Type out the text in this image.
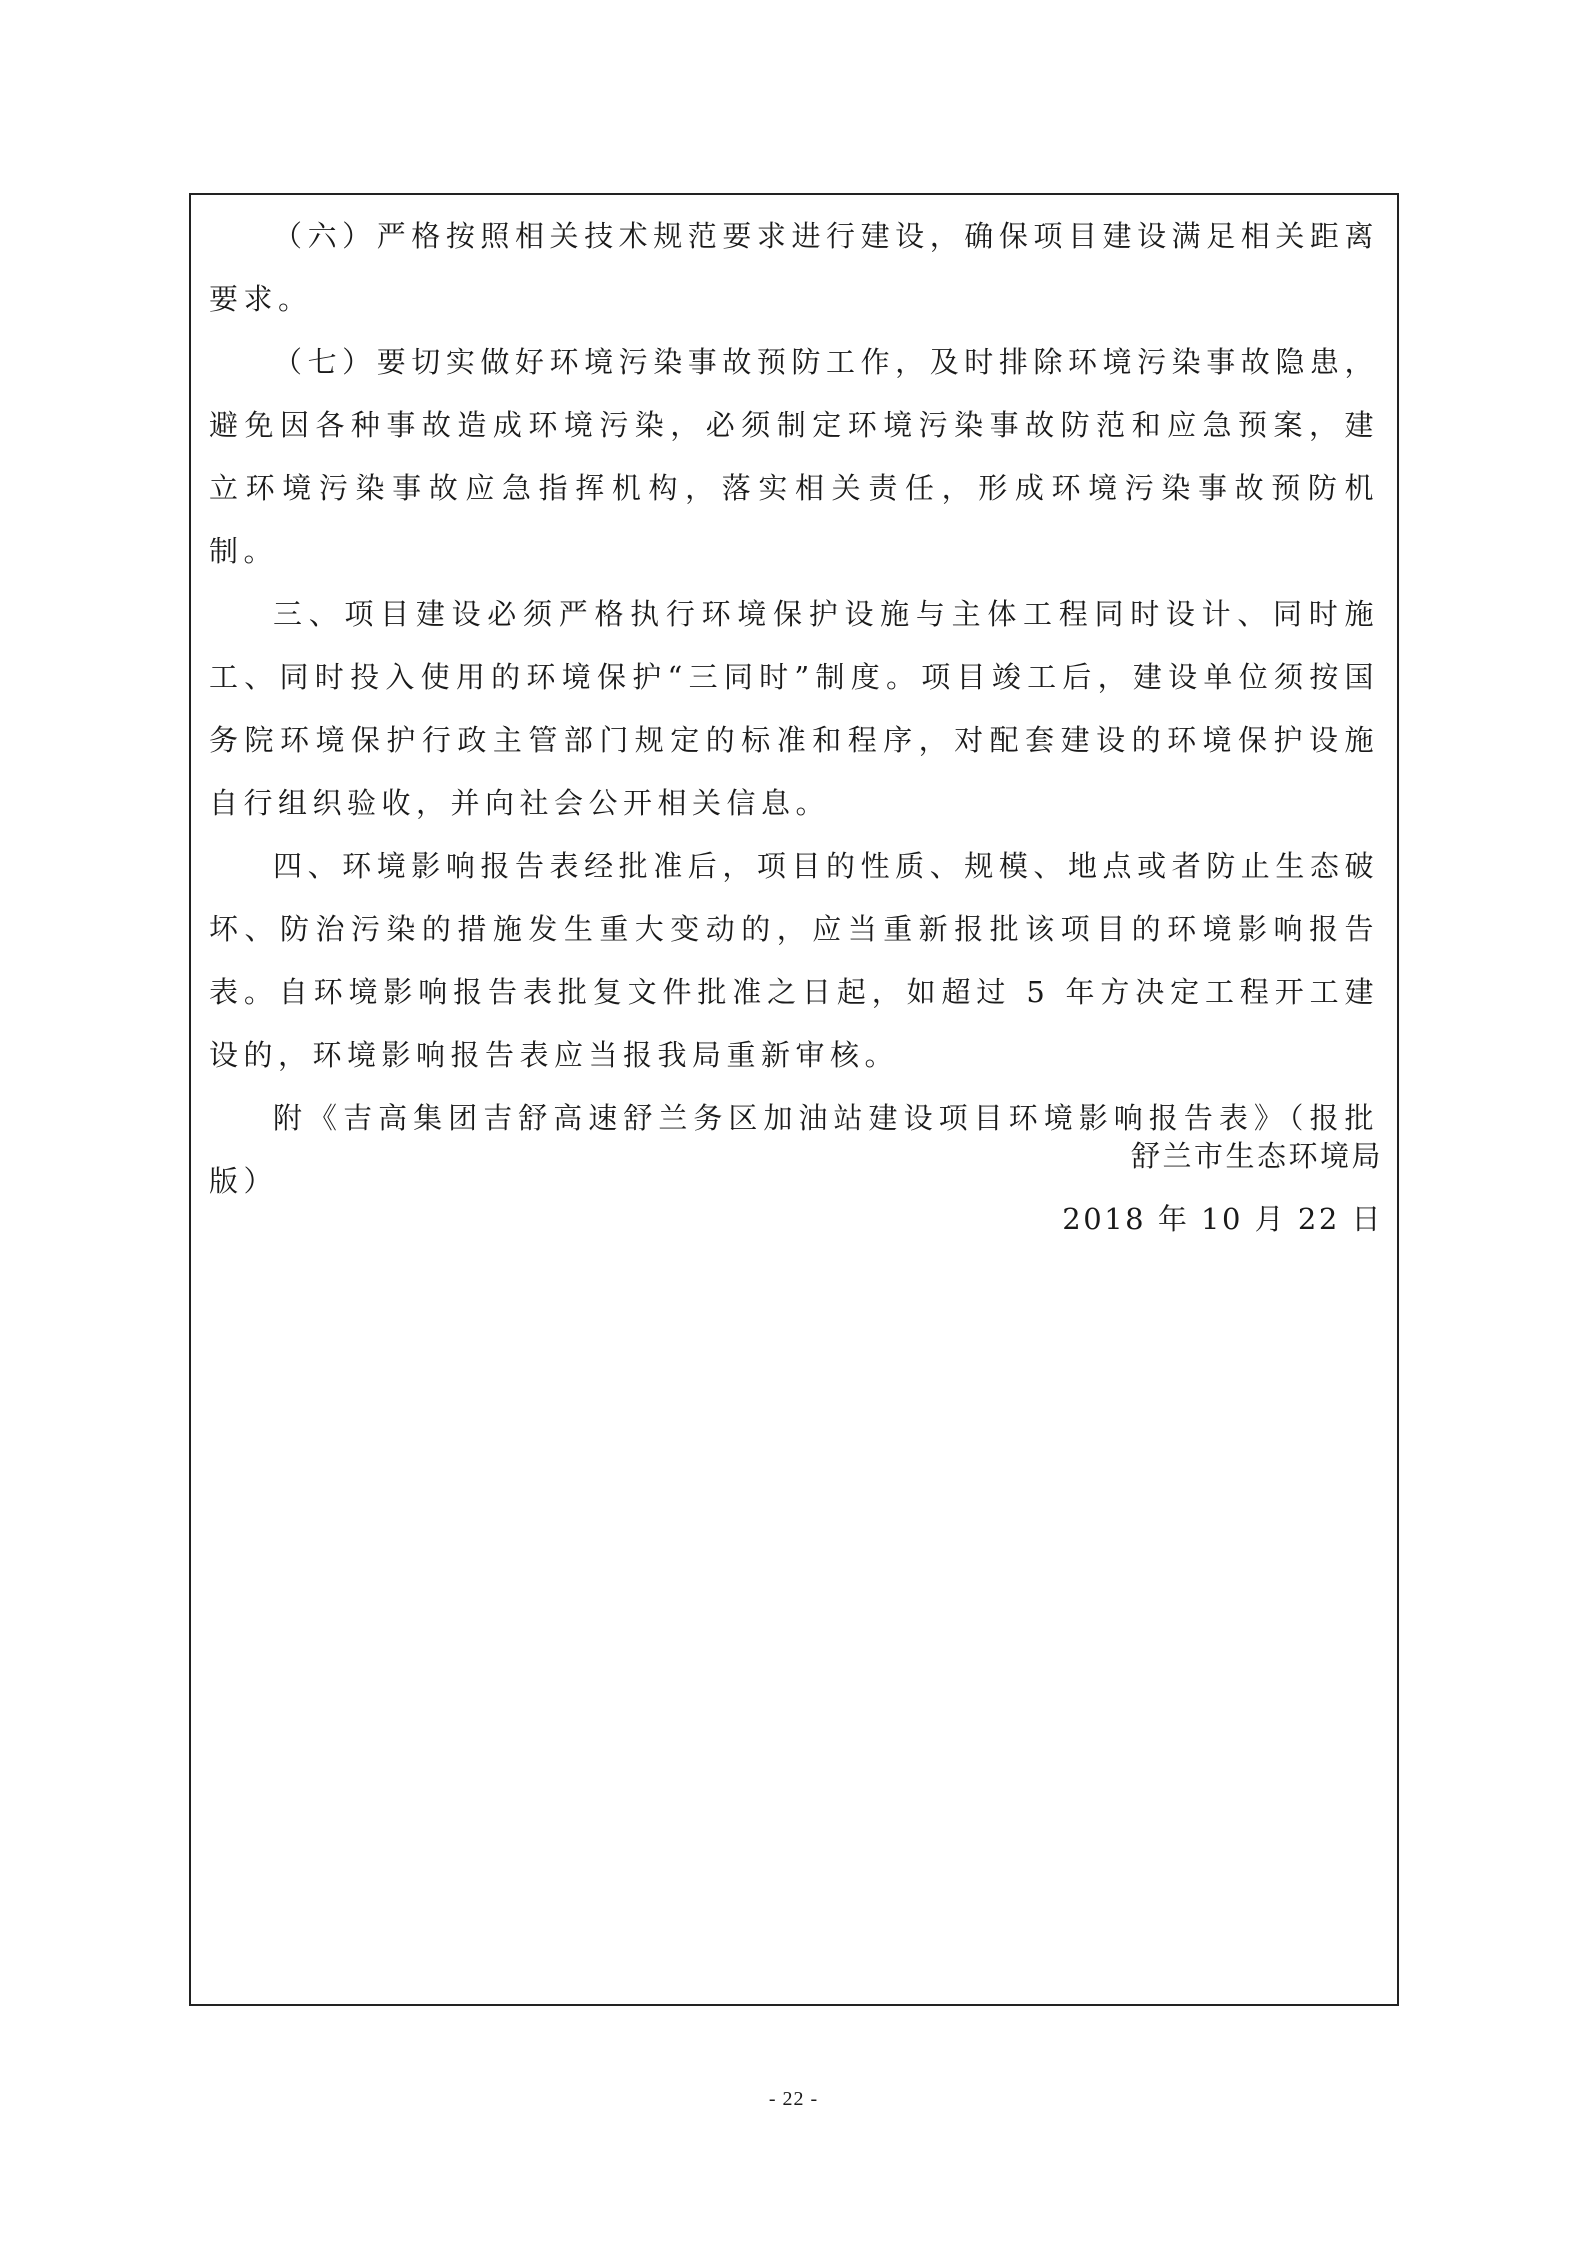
（六）严格按照相关技术规范要求进行建设，确保项目建设满足相关距离要求。

（七）要切实做好环境污染事故预防工作，及时排除环境污染事故隐患，避免因各种事故造成环境污染，必须制定环境污染事故防范和应急预案，建立环境污染事故应急指挥机构，落实相关责任，形成环境污染事故预防机制。

三、项目建设必须严格执行环境保护设施与主体工程同时设计、同时施工、同时投入使用的环境保护“三同时”制度。项目竣工后，建设单位须按国务院环境保护行政主管部门规定的标准和程序，对配套建设的环境保护设施自行组织验收，并向社会公开相关信息。

四、环境影响报告表经批准后，项目的性质、规模、地点或者防止生态破坏、防治污染的措施发生重大变动的，应当重新报批该项目的环境影响报告表。自环境影响报告表批复文件批准之日起，如超过 5 年方决定工程开工建设的，环境影响报告表应当报我局重新审核。

附《吉高集团吉舒高速舒兰务区加油站建设项目环境影响报告表》（报批版）

舒兰市生态环境局
2018 年 10 月 22 日
- 22 -
